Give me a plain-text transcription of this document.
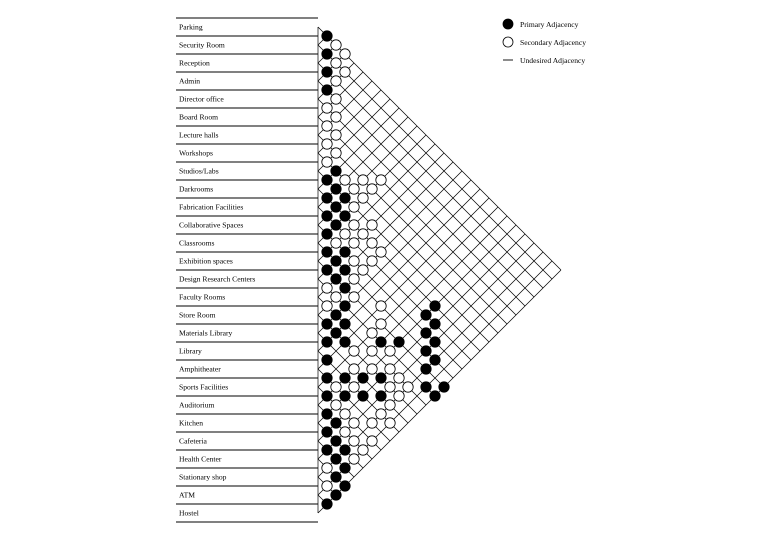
Parking
Security Room
Reception
Admin
Director office
Board Room
Lecture halls
Workshops
Studios/Labs
Darkrooms
Fabrication Facilities
Collaborative Spaces
Classrooms
Exhibition spaces
Design Research Centers
Faculty Rooms
Store Room
Materials Library
Library
Amphitheater
Sports Facilities
Auditorium
Kitchen
Cafeteria
Health Center
Stationary shop
ATM
Hostel
Primary Adjacency
Secondary Adjacency
Undesired Adjacency
